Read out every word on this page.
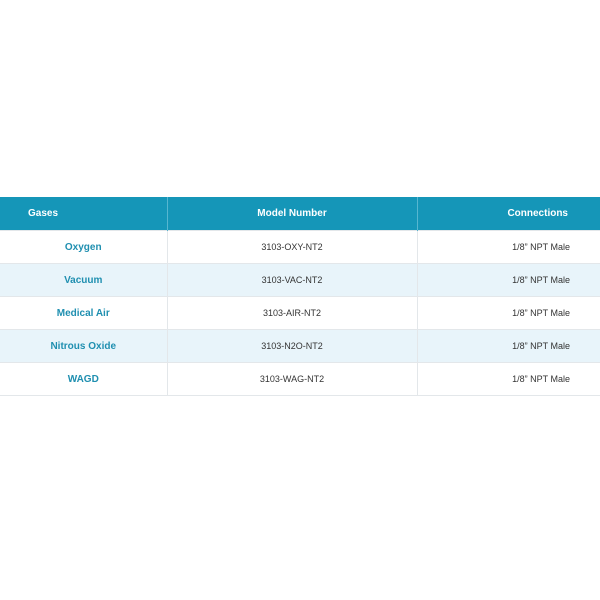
Gases	Model Number	Connections
Oxygen	3103-OXY-NT2	1/8” NPT Male
Vacuum	3103-VAC-NT2	1/8” NPT Male
Medical Air	3103-AIR-NT2	1/8” NPT Male
Nitrous Oxide	3103-N2O-NT2	1/8” NPT Male
WAGD	3103-WAG-NT2	1/8” NPT Male
